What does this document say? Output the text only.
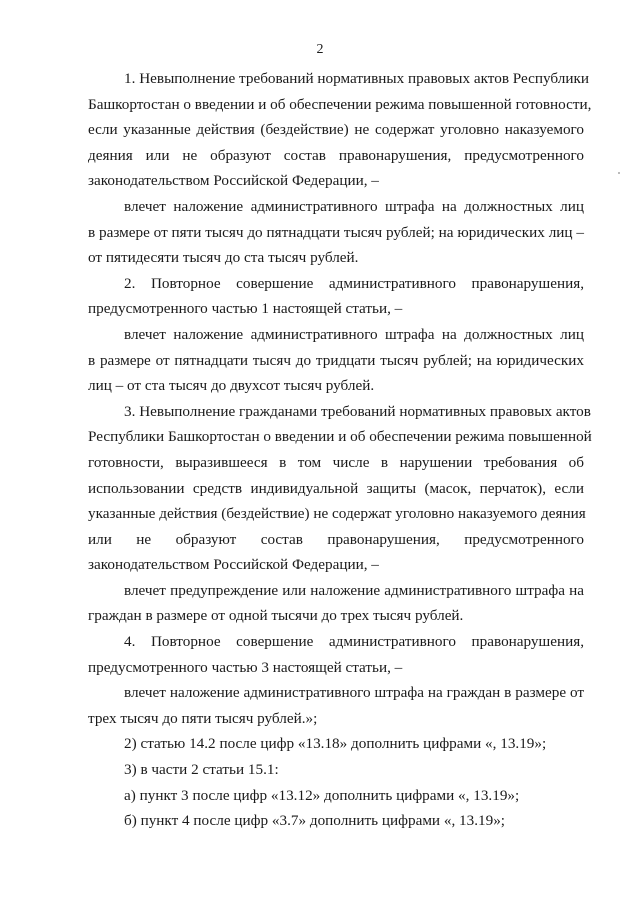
2
1. Невыполнение требований нормативных правовых актов Республики
Башкортостан о введении и об обеспечении режима повышенной готовности,
если указанные действия (бездействие) не содержат уголовно наказуемого
деяния или не образуют состав правонарушения, предусмотренного
законодательством Российской Федерации, –
влечет наложение административного штрафа на должностных лиц
в размере от пяти тысяч до пятнадцати тысяч рублей; на юридических лиц –
от пятидесяти тысяч до ста тысяч рублей.
2. Повторное совершение административного правонарушения,
предусмотренного частью 1 настоящей статьи, –
влечет наложение административного штрафа на должностных лиц
в размере от пятнадцати тысяч до тридцати тысяч рублей; на юридических
лиц – от ста тысяч до двухсот тысяч рублей.
3. Невыполнение гражданами требований нормативных правовых актов
Республики Башкортостан о введении и об обеспечении режима повышенной
готовности, выразившееся в том числе в нарушении требования об
использовании средств индивидуальной защиты (масок, перчаток), если
указанные действия (бездействие) не содержат уголовно наказуемого деяния
или не образуют состав правонарушения, предусмотренного
законодательством Российской Федерации, –
влечет предупреждение или наложение административного штрафа на
граждан в размере от одной тысячи до трех тысяч рублей.
4. Повторное совершение административного правонарушения,
предусмотренного частью 3 настоящей статьи, –
влечет наложение административного штрафа на граждан в размере от
трех тысяч до пяти тысяч рублей.»;
2) статью 14.2 после цифр «13.18» дополнить цифрами «, 13.19»;
3) в части 2 статьи 15.1:
а) пункт 3 после цифр «13.12» дополнить цифрами «, 13.19»;
б) пункт 4 после цифр «3.7» дополнить цифрами «, 13.19»;
